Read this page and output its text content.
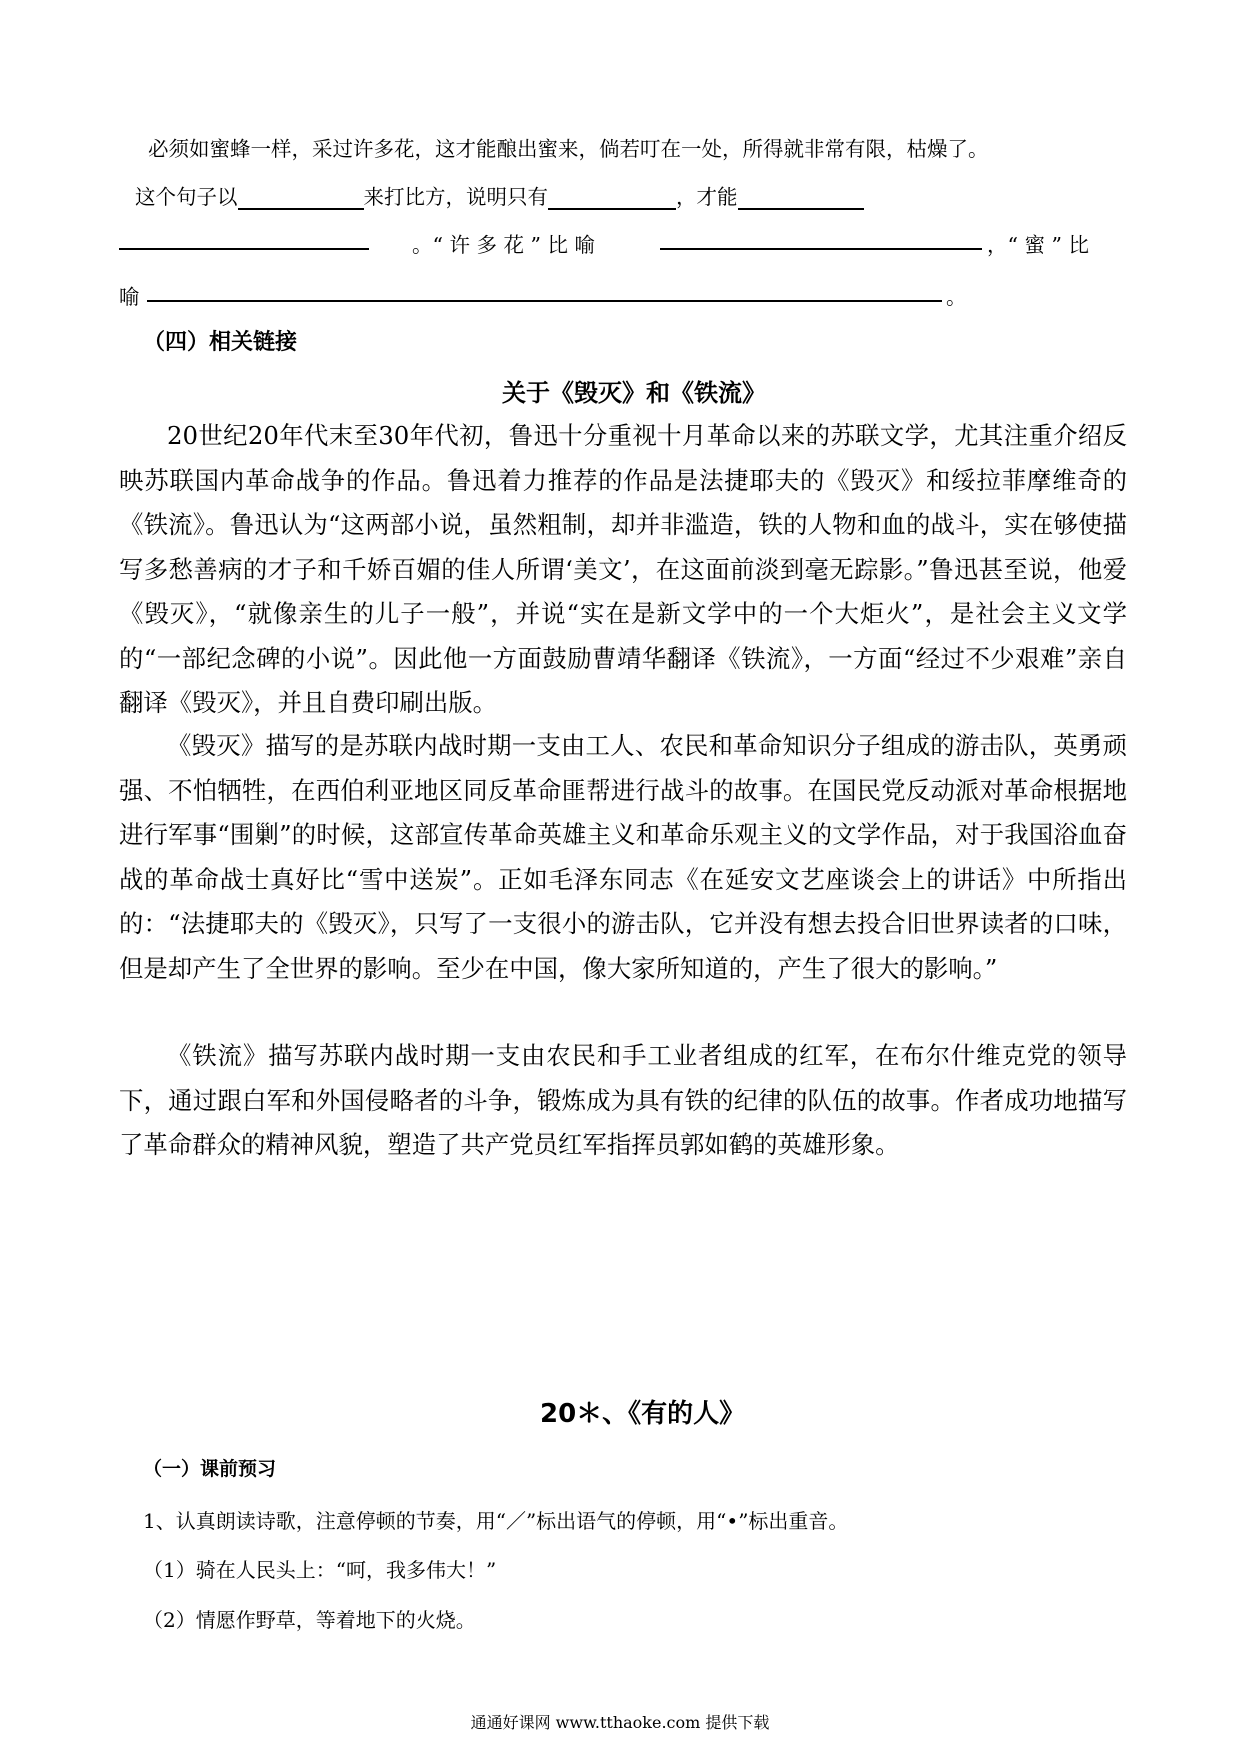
必须如蜜蜂一样，采过许多花，这才能酿出蜜来，倘若叮在一处，所得就非常有限，枯燥了。
这个句子以	来打比方，说明只有	，才能
。“ 许 多 花 ” 比 喻	，“ 蜜 ” 比
喻	。
（四）相关链接
关于《毁灭》和《铁流》
20世纪20年代末至30年代初，鲁迅十分重视十月革命以来的苏联文学，尤其注重介绍反映苏联国内革命战争的作品。鲁迅着力推荐的作品是法捷耶夫的《毁灭》和绥拉菲摩维奇的《铁流》。鲁迅认为“这两部小说，虽然粗制，却并非滥造，铁的人物和血的战斗，实在够使描写多愁善病的才子和千娇百媚的佳人所谓‘美文’，在这面前淡到毫无踪影。”鲁迅甚至说，他爱《毁灭》，“就像亲生的儿子一般”，并说“实在是新文学中的一个大炬火”，是社会主义文学的“一部纪念碑的小说”。因此他一方面鼓励曹靖华翻译《铁流》，一方面“经过不少艰难”亲自翻译《毁灭》，并且自费印刷出版。
《毁灭》描写的是苏联内战时期一支由工人、农民和革命知识分子组成的游击队，英勇顽强、不怕牺牲，在西伯利亚地区同反革命匪帮进行战斗的故事。在国民党反动派对革命根据地进行军事“围剿”的时候，这部宣传革命英雄主义和革命乐观主义的文学作品，对于我国浴血奋战的革命战士真好比“雪中送炭”。正如毛泽东同志《在延安文艺座谈会上的讲话》中所指出的：“法捷耶夫的《毁灭》，只写了一支很小的游击队，它并没有想去投合旧世界读者的口味，但是却产生了全世界的影响。至少在中国，像大家所知道的，产生了很大的影响。”
《铁流》描写苏联内战时期一支由农民和手工业者组成的红军，在布尔什维克党的领导下，通过跟白军和外国侵略者的斗争，锻炼成为具有铁的纪律的队伍的故事。作者成功地描写了革命群众的精神风貌，塑造了共产党员红军指挥员郭如鹤的英雄形象。
20＊、《有的人》
（一）课前预习
1、认真朗读诗歌，注意停顿的节奏，用“／”标出语气的停顿，用“•”标出重音。
（1）骑在人民头上：“呵，我多伟大！”
（2）情愿作野草，等着地下的火烧。
通通好课网 www.tthaoke.com 提供下载
